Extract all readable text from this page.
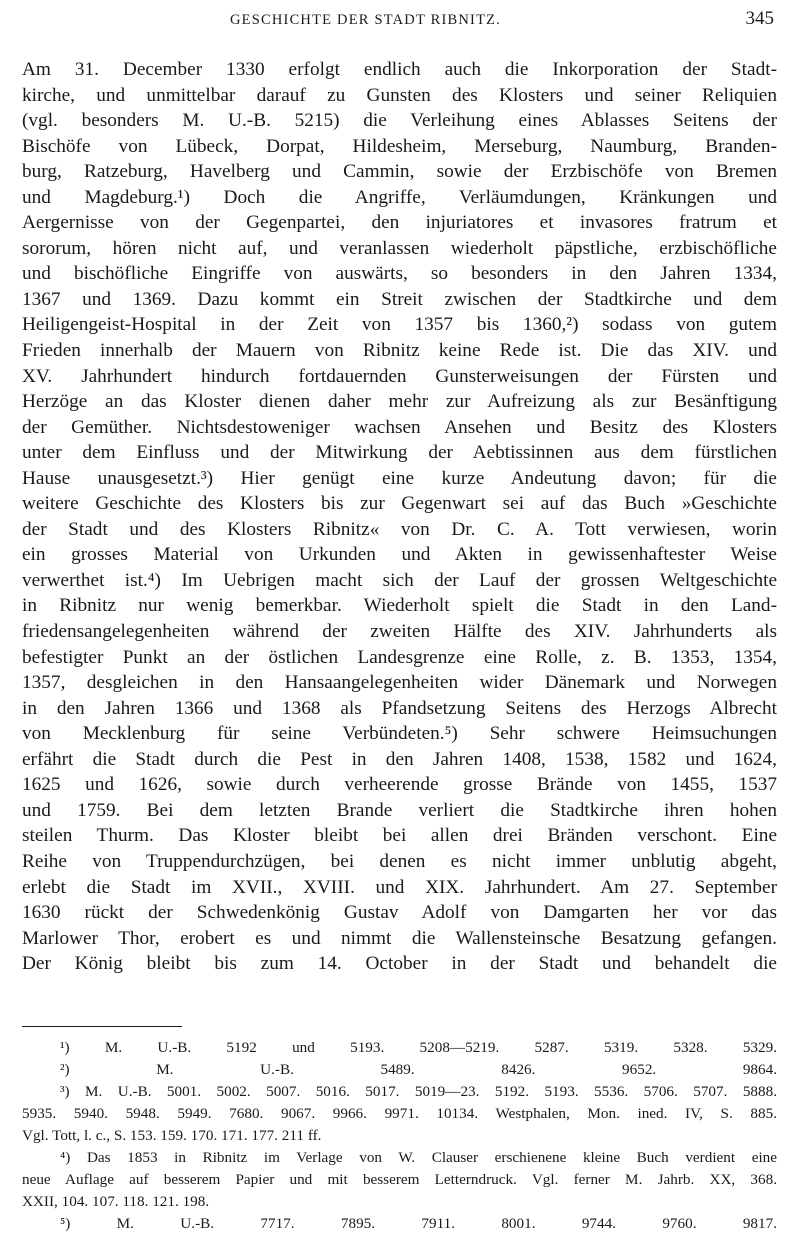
GESCHICHTE DER STADT RIBNITZ.	345
Am 31. December 1330 erfolgt endlich auch die Inkorporation der Stadt-
kirche, und unmittelbar darauf zu Gunsten des Klosters und seiner Reliquien
(vgl. besonders M. U.-B. 5215) die Verleihung eines Ablasses Seitens der
Bischöfe von Lübeck, Dorpat, Hildesheim, Merseburg, Naumburg, Branden-
burg, Ratzeburg, Havelberg und Cammin, sowie der Erzbischöfe von Bremen
und Magdeburg.¹) Doch die Angriffe, Verläumdungen, Kränkungen und
Aergernisse von der Gegenpartei, den injuriatores et invasores fratrum et
sororum, hören nicht auf, und veranlassen wiederholt päpstliche, erzbischöfliche
und bischöfliche Eingriffe von auswärts, so besonders in den Jahren 1334,
1367 und 1369. Dazu kommt ein Streit zwischen der Stadtkirche und dem
Heiligengeist-Hospital in der Zeit von 1357 bis 1360,²) sodass von gutem
Frieden innerhalb der Mauern von Ribnitz keine Rede ist. Die das XIV. und
XV. Jahrhundert hindurch fortdauernden Gunsterweisungen der Fürsten und
Herzöge an das Kloster dienen daher mehr zur Aufreizung als zur Besänftigung
der Gemüther. Nichtsdestoweniger wachsen Ansehen und Besitz des Klosters
unter dem Einfluss und der Mitwirkung der Aebtissinnen aus dem fürstlichen
Hause unausgesetzt.³) Hier genügt eine kurze Andeutung davon; für die
weitere Geschichte des Klosters bis zur Gegenwart sei auf das Buch »Geschichte
der Stadt und des Klosters Ribnitz« von Dr. C. A. Tott verwiesen, worin
ein grosses Material von Urkunden und Akten in gewissenhaftester Weise
verwerthet ist.⁴) Im Uebrigen macht sich der Lauf der grossen Weltgeschichte
in Ribnitz nur wenig bemerkbar. Wiederholt spielt die Stadt in den Land-
friedensangelegenheiten während der zweiten Hälfte des XIV. Jahrhunderts als
befestigter Punkt an der östlichen Landesgrenze eine Rolle, z. B. 1353, 1354,
1357, desgleichen in den Hansaangelegenheiten wider Dänemark und Norwegen
in den Jahren 1366 und 1368 als Pfandsetzung Seitens des Herzogs Albrecht
von Mecklenburg für seine Verbündeten.⁵) Sehr schwere Heimsuchungen
erfährt die Stadt durch die Pest in den Jahren 1408, 1538, 1582 und 1624,
1625 und 1626, sowie durch verheerende grosse Brände von 1455, 1537
und 1759. Bei dem letzten Brande verliert die Stadtkirche ihren hohen
steilen Thurm. Das Kloster bleibt bei allen drei Bränden verschont. Eine
Reihe von Truppendurchzügen, bei denen es nicht immer unblutig abgeht,
erlebt die Stadt im XVII., XVIII. und XIX. Jahrhundert. Am 27. September
1630 rückt der Schwedenkönig Gustav Adolf von Damgarten her vor das
Marlower Thor, erobert es und nimmt die Wallensteinsche Besatzung gefangen.
Der König bleibt bis zum 14. October in der Stadt und behandelt die
¹) M. U.-B. 5192 und 5193. 5208—5219. 5287. 5319. 5328. 5329.
²) M. U.-B. 5489. 8426. 9652. 9864.
³) M. U.-B. 5001. 5002. 5007. 5016. 5017. 5019—23. 5192. 5193. 5536. 5706. 5707. 5888.
5935. 5940. 5948. 5949. 7680. 9067. 9966. 9971. 10134. Westphalen, Mon. ined. IV, S. 885.
Vgl. Tott, l. c., S. 153. 159. 170. 171. 177. 211 ff.
⁴) Das 1853 in Ribnitz im Verlage von W. Clauser erschienene kleine Buch verdient eine
neue Auflage auf besserem Papier und mit besserem Letterndruck. Vgl. ferner M. Jahrb. XX, 368.
XXII, 104. 107. 118. 121. 198.
⁵) M. U.-B. 7717. 7895. 7911. 8001. 9744. 9760. 9817.
